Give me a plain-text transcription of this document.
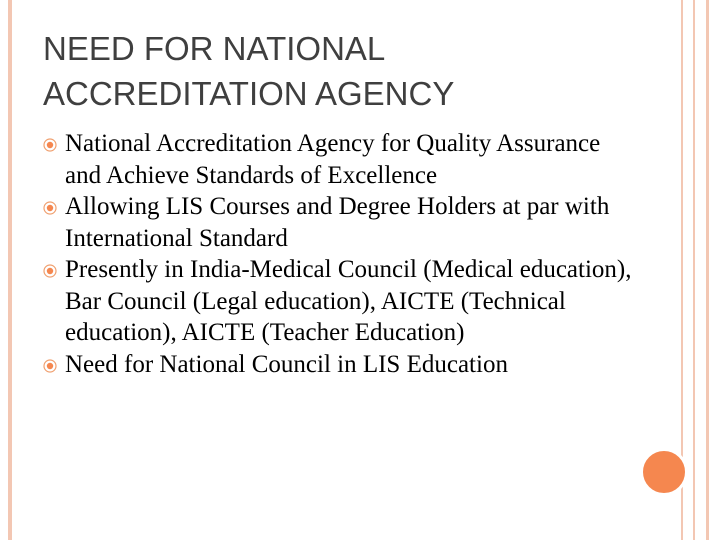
NEED FOR NATIONAL ACCREDITATION AGENCY
National Accreditation Agency for Quality Assurance and Achieve Standards of Excellence
Allowing LIS Courses and Degree Holders at par with International Standard
Presently in India-Medical Council (Medical education), Bar Council (Legal education), AICTE (Technical education), AICTE (Teacher Education)
Need for National Council in LIS Education
